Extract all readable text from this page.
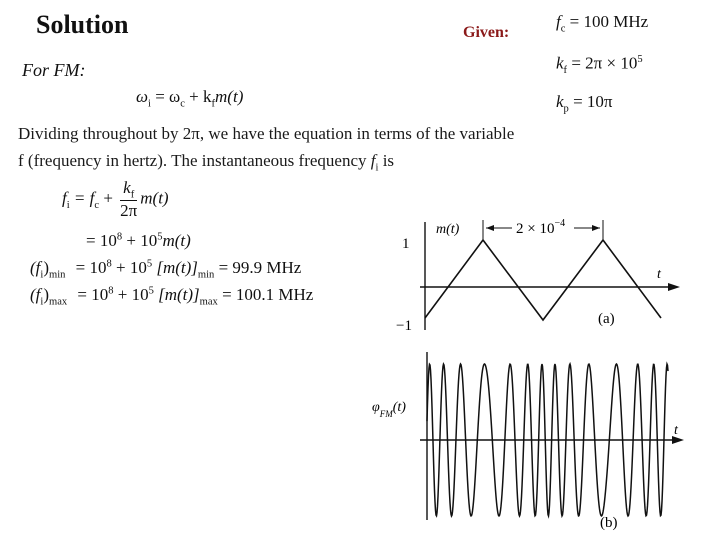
Solution	Given:
$f_c = 100$ MHz
$k_f = 2\pi \times 10^5$
$k_p = 10\pi$
For FM:
$\omega_i = \omega_c + k_fm(t)$
Dividing throughout by 2π, we have the equation in terms of the variable
f (frequency in hertz). The instantaneous frequency $f_i$ is
$f_i = f_c + \frac{k_f}{2\pi} m(t)$
= $10^8 + 10^5m(t)$
$(f_i)_{min} = 10^8 + 10^5$ $[m(t)]_{min} = 99.9$ MHz
$(f_i)_{max} = 10^8 + 10^5$ $[m(t)]_{max} = 100.1$ MHz
$2 \times 10^{-4}$
m(t)
1
−1
t
(a)
t
$\varphi_{FM}(t)$
(b)
